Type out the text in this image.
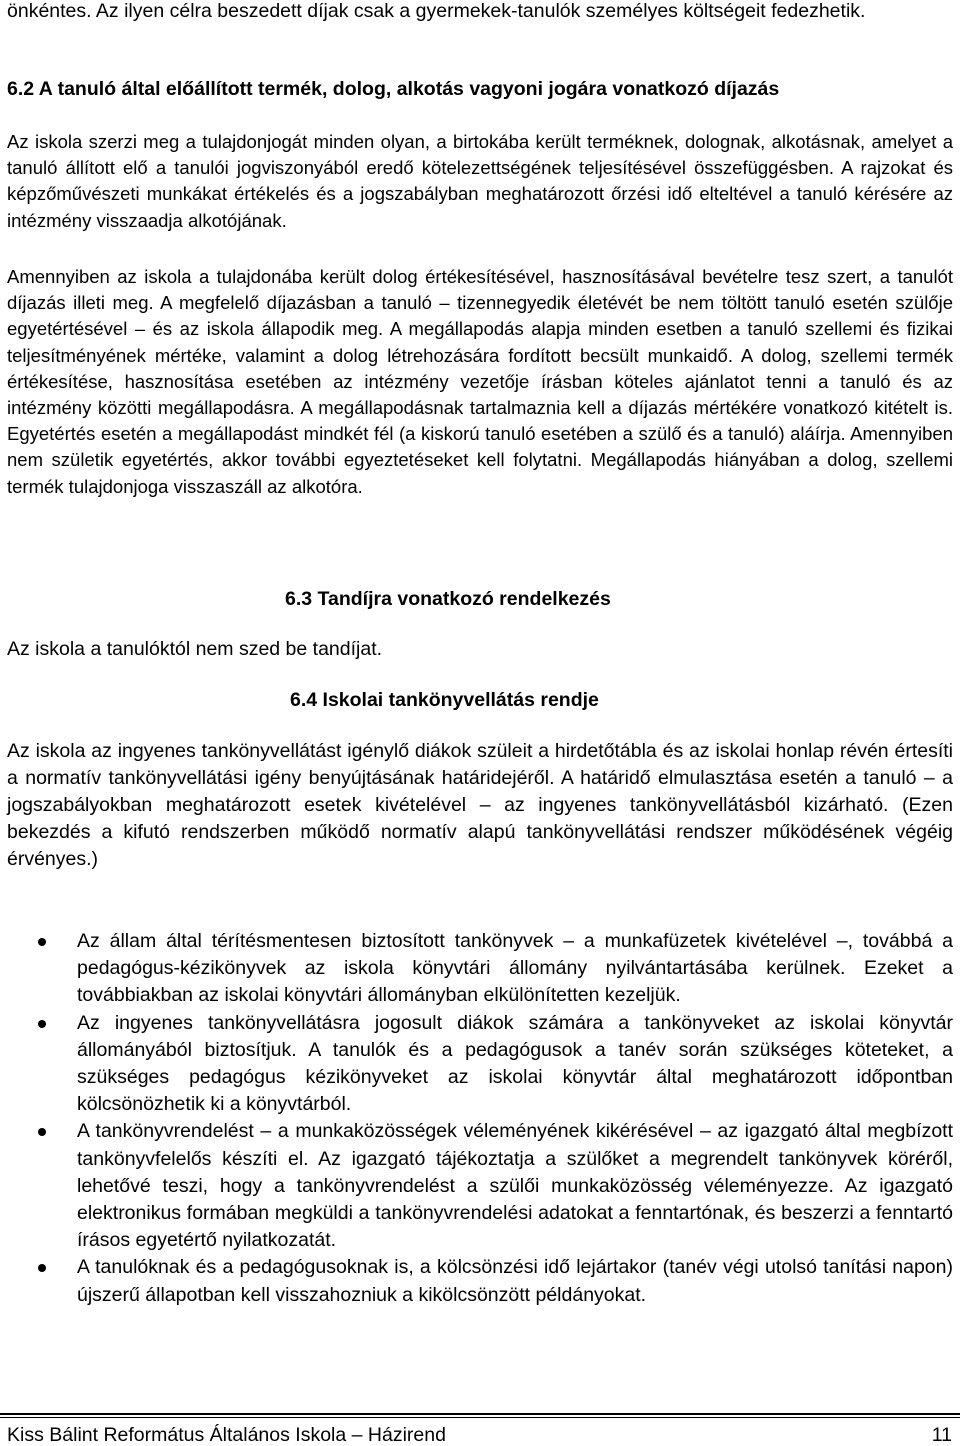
önkéntes. Az ilyen célra beszedett díjak csak a gyermekek-tanulók személyes költségeit fedezhetik.

6.2 A tanuló által előállított termék, dolog, alkotás vagyoni jogára vonatkozó díjazás

Az iskola szerzi meg a tulajdonjogát minden olyan, a birtokába került terméknek, dolognak, alkotásnak, amelyet a tanuló állított elő a tanulói jogviszonyából eredő kötelezettségének teljesítésével összefüggésben. A rajzokat és képzőművészeti munkákat értékelés és a jogszabályban meghatározott őrzési idő elteltével a tanuló kérésére az intézmény visszaadja alkotójának.

Amennyiben az iskola a tulajdonába került dolog értékesítésével, hasznosításával bevételre tesz szert, a tanulót díjazás illeti meg. A megfelelő díjazásban a tanuló – tizennegyedik életévét be nem töltött tanuló esetén szülője egyetértésével – és az iskola állapodik meg. A megállapodás alapja minden esetben a tanuló szellemi és fizikai teljesítményének mértéke, valamint a dolog létrehozására fordított becsült munkaidő. A dolog, szellemi termék értékesítése, hasznosítása esetében az intézmény vezetője írásban köteles ajánlatot tenni a tanuló és az intézmény közötti megállapodásra. A megállapodásnak tartalmaznia kell a díjazás mértékére vonatkozó kitételt is. Egyetértés esetén a megállapodást mindkét fél (a kiskorú tanuló esetében a szülő és a tanuló) aláírja. Amennyiben nem születik egyetértés, akkor további egyeztetéseket kell folytatni. Megállapodás hiányában a dolog, szellemi termék tulajdonjoga visszaszáll az alkotóra.

6.3 Tandíjra vonatkozó rendelkezés

Az iskola a tanulóktól nem szed be tandíjat.

6.4 Iskolai tankönyvellátás rendje

Az iskola az ingyenes tankönyvellátást igénylő diákok szüleit a hirdetőtábla és az iskolai honlap révén értesíti a normatív tankönyvellátási igény benyújtásának határidejéről. A határidő elmulasztása esetén a tanuló – a jogszabályokban meghatározott esetek kivételével – az ingyenes tankönyvellátásból kizárható. (Ezen bekezdés a kifutó rendszerben működő normatív alapú tankönyvellátási rendszer működésének végéig érvényes.)

Az állam által térítésmentesen biztosított tankönyvek – a munkafüzetek kivételével –, továbbá a pedagógus-kézikönyvek az iskola könyvtári állomány nyilvántartásába kerülnek. Ezeket a továbbiakban az iskolai könyvtári állományban elkülönítetten kezeljük.
Az ingyenes tankönyvellátásra jogosult diákok számára a tankönyveket az iskolai könyvtár állományából biztosítjuk. A tanulók és a pedagógusok a tanév során szükséges köteteket, a szükséges pedagógus kézikönyveket az iskolai könyvtár által meghatározott időpontban kölcsönözhetik ki a könyvtárból.
A tankönyvrendelést – a munkaközösségek véleményének kikérésével – az igazgató által megbízott tankönyvfelelős készíti el. Az igazgató tájékoztatja a szülőket a megrendelt tankönyvek köréről, lehetővé teszi, hogy a tankönyvrendelést a szülői munkaközösség véleményezze. Az igazgató elektronikus formában megküldi a tankönyvrendelési adatokat a fenntartónak, és beszerzi a fenntartó írásos egyetértő nyilatkozatát.
A tanulóknak és a pedagógusoknak is, a kölcsönzési idő lejártakor (tanév végi utolsó tanítási napon) újszerű állapotban kell visszahozniuk a kikölcsönzött példányokat.
Kiss Bálint Református Általános Iskola – Házirend	11
